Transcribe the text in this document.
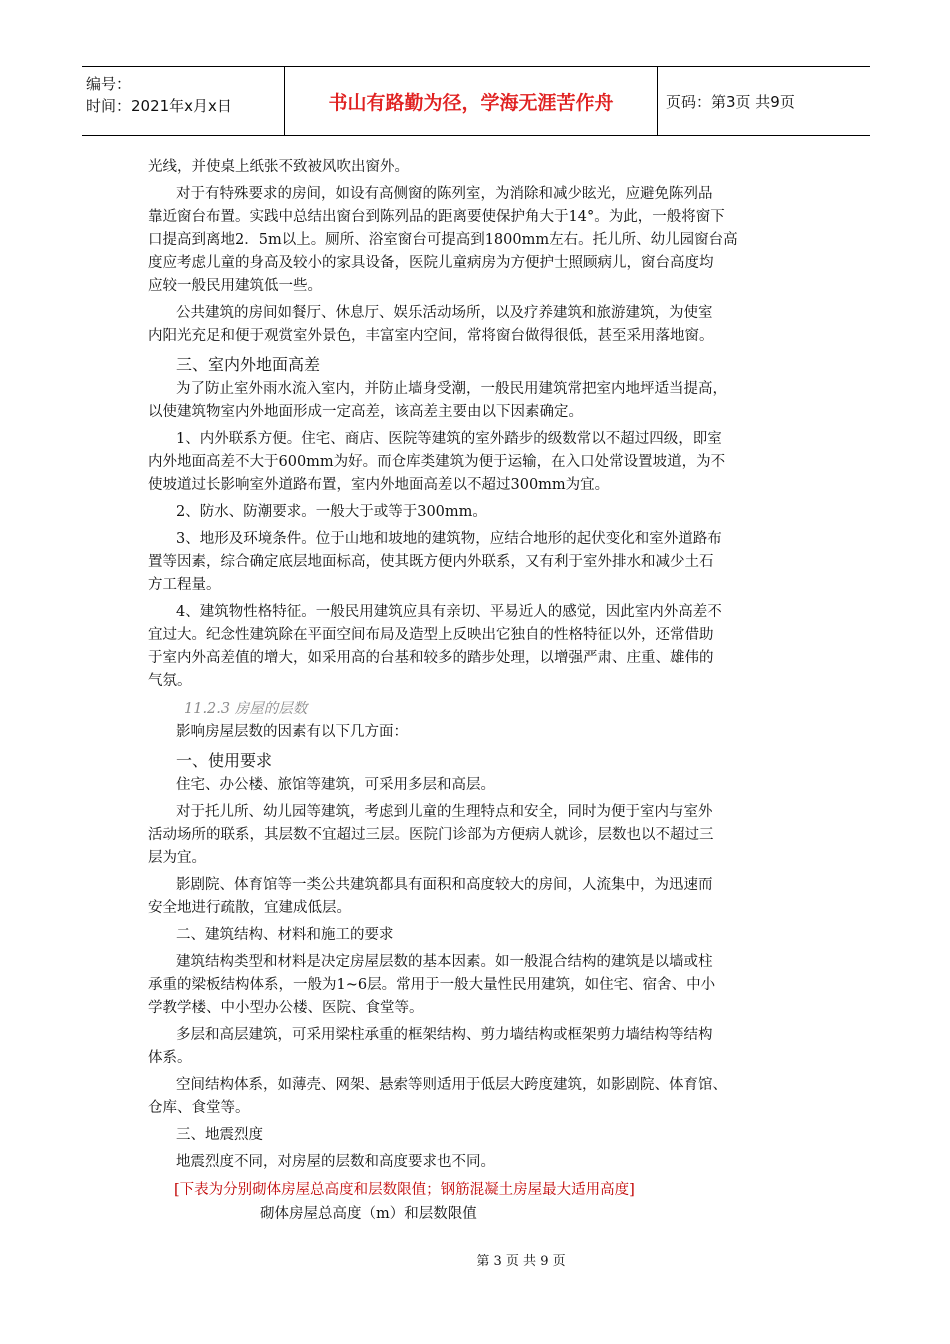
编号：
时间：2021年x月x日	书山有路勤为径，学海无涯苦作舟	页码：第3页 共9页

光线，并使桌上纸张不致被风吹出窗外。

对于有特殊要求的房间，如设有高侧窗的陈列室，为消除和减少眩光，应避免陈列品

靠近窗台布置。实践中总结出窗台到陈列品的距离要使保护角大于14°。为此，一般将窗下

口提高到离地2．5m以上。厕所、浴室窗台可提高到1800mm左右。托儿所、幼儿园窗台高

度应考虑儿童的身高及较小的家具设备，医院儿童病房为方便护士照顾病儿，窗台高度均

应较一般民用建筑低一些。

公共建筑的房间如餐厅、休息厅、娱乐活动场所，以及疗养建筑和旅游建筑，为使室

内阳光充足和便于观赏室外景色，丰富室内空间，常将窗台做得很低，甚至采用落地窗。

三、室内外地面高差

为了防止室外雨水流入室内，并防止墙身受潮，一般民用建筑常把室内地坪适当提高，

以使建筑物室内外地面形成一定高差，该高差主要由以下因素确定。

1、内外联系方便。住宅、商店、医院等建筑的室外踏步的级数常以不超过四级，即室

内外地面高差不大于600mm为好。而仓库类建筑为便于运输，在入口处常设置坡道，为不

使坡道过长影响室外道路布置，室内外地面高差以不超过300mm为宜。

2、防水、防潮要求。一般大于或等于300mm。

3、地形及环境条件。位于山地和坡地的建筑物，应结合地形的起伏变化和室外道路布

置等因素，综合确定底层地面标高，使其既方便内外联系，又有利于室外排水和减少土石

方工程量。

4、建筑物性格特征。一般民用建筑应具有亲切、平易近人的感觉，因此室内外高差不

宜过大。纪念性建筑除在平面空间布局及造型上反映出它独自的性格特征以外，还常借助

于室内外高差值的增大，如采用高的台基和较多的踏步处理，以增强严肃、庄重、雄伟的

气氛。

11.2.3 房屋的层数

影响房屋层数的因素有以下几方面：

一、使用要求

住宅、办公楼、旅馆等建筑，可采用多层和高层。

对于托儿所、幼儿园等建筑，考虑到儿童的生理特点和安全，同时为便于室内与室外

活动场所的联系，其层数不宜超过三层。医院门诊部为方便病人就诊，层数也以不超过三

层为宜。

影剧院、体育馆等一类公共建筑都具有面积和高度较大的房间，人流集中，为迅速而

安全地进行疏散，宜建成低层。

二、建筑结构、材料和施工的要求

建筑结构类型和材料是决定房屋层数的基本因素。如一般混合结构的建筑是以墙或柱

承重的梁板结构体系，一般为1~6层。常用于一般大量性民用建筑，如住宅、宿舍、中小

学教学楼、中小型办公楼、医院、食堂等。

多层和高层建筑，可采用梁柱承重的框架结构、剪力墙结构或框架剪力墙结构等结构

体系。

空间结构体系，如薄壳、网架、悬索等则适用于低层大跨度建筑，如影剧院、体育馆、

仓库、食堂等。

三、地震烈度

地震烈度不同，对房屋的层数和高度要求也不同。

[下表为分别砌体房屋总高度和层数限值；钢筋混凝土房屋最大适用高度]

砌体房屋总高度（m）和层数限值

第 3 页 共 9 页
